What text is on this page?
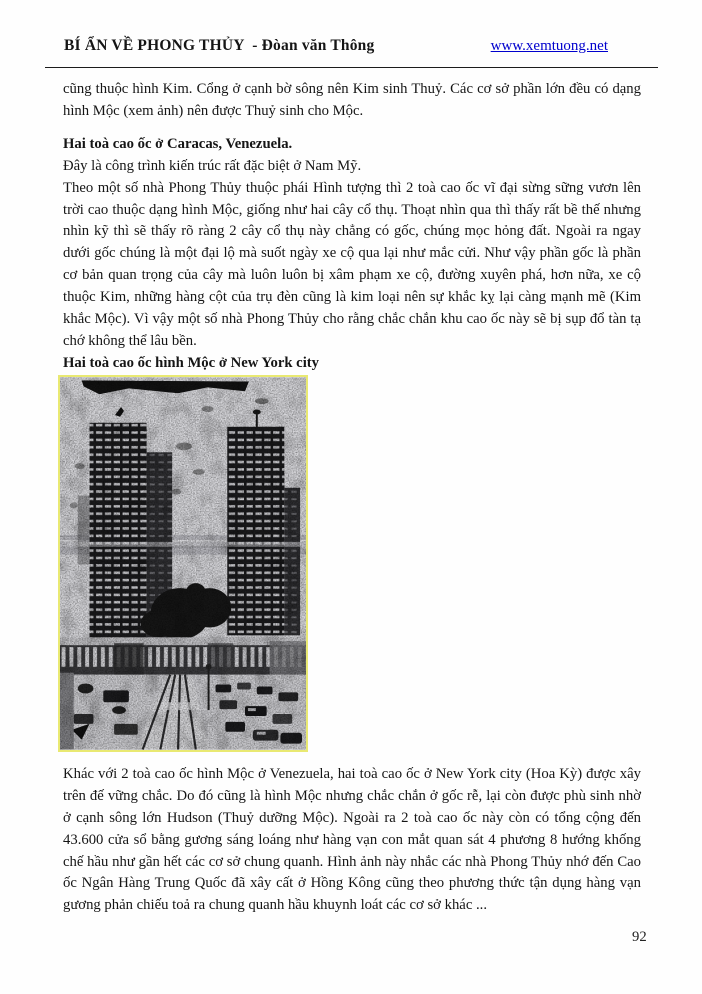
BÍ ẨN VỀ PHONG THỦY  - Đòan văn Thông	www.xemtuong.net

cũng thuộc hình Kim. Cổng ở cạnh bờ sông nên Kim sinh Thuỷ. Các cơ sở phần lớn đều có dạng hình Mộc (xem ảnh) nên được Thuỷ sinh cho Mộc.

Hai toà cao ốc ở Caracas, Venezuela.

Đây là công trình kiến trúc rất đặc biệt ở Nam Mỹ.

Theo một số nhà Phong Thủy thuộc phái Hình tượng thì 2 toà cao ốc vĩ đại sừng sững vươn lên trời cao thuộc dạng hình Mộc, giống như hai cây cổ thụ. Thoạt nhìn qua thì thấy rất bề thế nhưng nhìn kỹ thì sẽ thấy rõ ràng 2 cây cổ thụ này chẳng có gốc, chúng mọc hỏng đất. Ngoài ra ngay dưới gốc chúng là một đại lộ mà suốt ngày xe cộ qua lại như mắc cửi. Như vậy phần gốc là phần cơ bản quan trọng của cây mà luôn luôn bị xâm phạm xe cộ, đường xuyên phá, hơn nữa, xe cộ thuộc Kim, những hàng cột của trụ đèn cũng là kim loại nên sự khắc kỵ lại càng mạnh mẽ (Kim khắc Mộc). Vì vậy một số nhà Phong Thủy cho rằng chắc chắn khu cao ốc này sẽ bị sụp đổ tàn tạ chớ không thể lâu bền.

Hai toà cao ốc hình Mộc ở New York city

Khác với 2 toà cao ốc hình Mộc ở Venezuela, hai toà cao ốc ở New York city (Hoa Kỳ) được xây trên đế vững chắc. Do đó cũng là hình Mộc nhưng chắc chắn ở gốc rễ, lại còn được phù sinh nhờ ở cạnh sông lớn Hudson (Thuỷ dưỡng Mộc). Ngoài ra 2 toà cao ốc này còn có tổng cộng đến 43.600 cửa sổ bằng gương sáng loáng như hàng vạn con mắt quan sát 4 phương 8 hướng khống chế hầu như gần hết các cơ sở chung quanh. Hình ảnh này nhắc các nhà Phong Thủy nhớ đến Cao ốc Ngân Hàng Trung Quốc đã xây cất ở Hồng Kông cũng theo phương thức tận dụng hàng vạn gương phản chiếu toả ra chung quanh hầu khuynh loát các cơ sở khác ...

92
